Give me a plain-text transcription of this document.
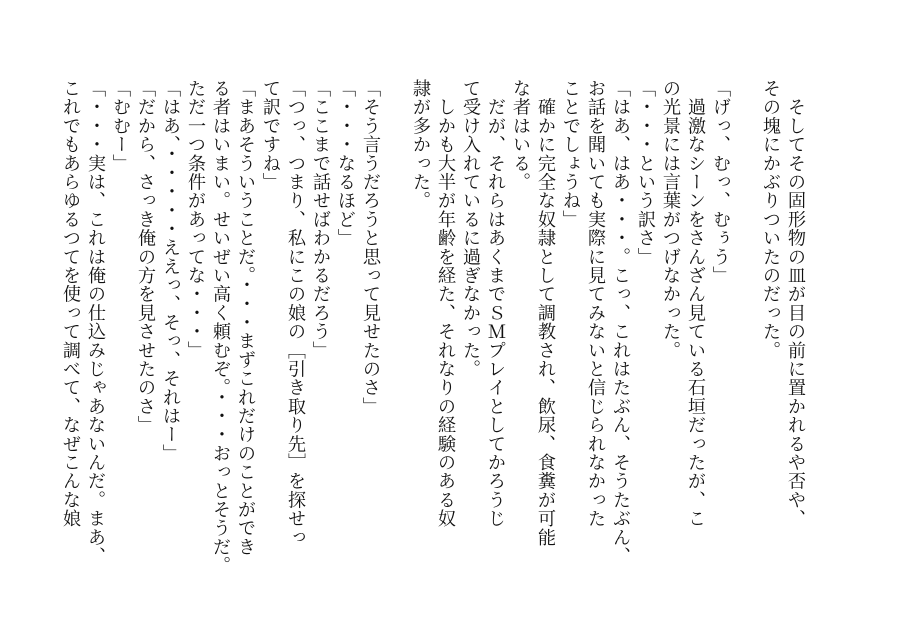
　そしてその固形物の皿が目の前に置かれるや否や、
その塊にかぶりついたのだった。
「げっ、むっ、むぅう」
　過激なシーンをさんざん見ている石垣だったが、こ
の光景には言葉がつげなかった。
「・・・という訳さ」
「はあ、はあ・・・。こっ、これはたぶん、そうたぶん、
お話を聞いても実際に見てみないと信じられなかった
ことでしょうね」
　確かに完全な奴隷として調教され、飲尿、食糞が可能
な者はいる。
　だが、それらはあくまでＳＭプレイとしてかろうじ
て受け入れているに過ぎなかった。
　しかも大半が年齢を経た、それなりの経験のある奴
隷が多かった。
「そう言うだろうと思って見せたのさ」
「・・・なるほど」
「ここまで話せばわかるだろう」
「つっ、つまり、私にこの娘の［引き取り先］を探せっ
て訳ですね」
「まあそういうことだ。・・・まずこれだけのことができ
る者はいまい。せいぜい高く頼むぞ。・・・おっとそうだ。
ただ一つ条件があってな・・・」
「はあ、・・・・・ええっ、そっ、それはー」
「だから、さっき俺の方を見させたのさ」
「むむー」
「・・・実は、これは俺の仕込みじゃあないんだ。まあ、
これでもあらゆるつてを使って調べて、なぜこんな娘
